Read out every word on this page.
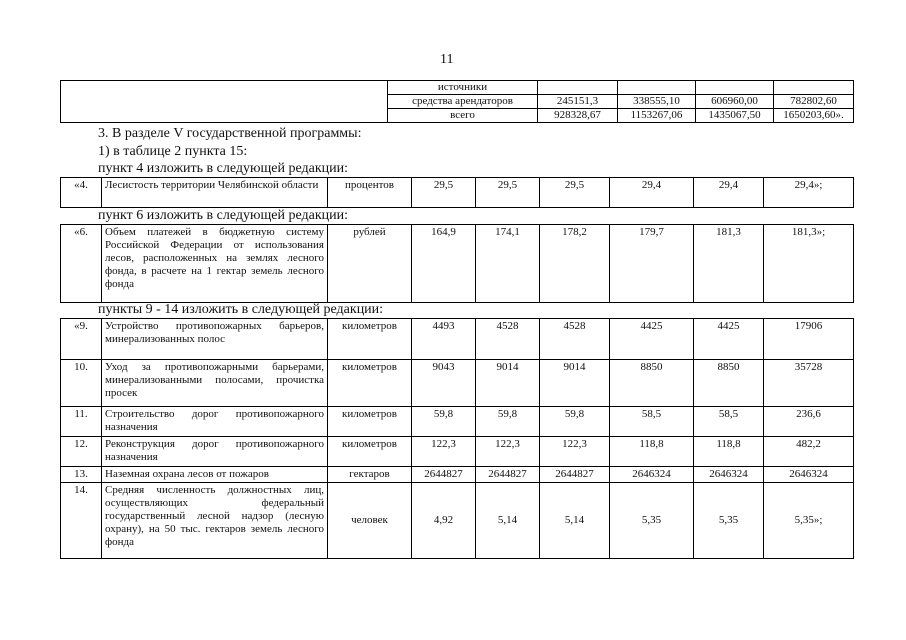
11
	источники				
	средства арендаторов	245151,3	338555,10	606960,00	782802,60
	всего	928328,67	1153267,06	1435067,50	1650203,60».
3. В разделе V государственной программы:
1) в таблице 2 пункта 15:
пункт 4 изложить в следующей редакции:
«4.	Лесистость территории Челябинской области	процентов	29,5	29,5	29,5	29,4	29,4	29,4»;
пункт 6 изложить в следующей редакции:
«6.	Объем платежей в бюджетную систему Российской Федерации от использования лесов, расположенных на землях лесного фонда, в расчете на 1 гектар земель лесного фонда	рублей	164,9	174,1	178,2	179,7	181,3	181,3»;
пункты 9 - 14 изложить в следующей редакции:
«9.	Устройство противопожарных барьеров, минерализованных полос	километров	4493	4528	4528	4425	4425	17906
10.	Уход за противопожарными барьерами, минерализованными полосами, прочистка просек	километров	9043	9014	9014	8850	8850	35728
11.	Строительство дорог противопожарного назначения	километров	59,8	59,8	59,8	58,5	58,5	236,6
12.	Реконструкция дорог противопожарного назначения	километров	122,3	122,3	122,3	118,8	118,8	482,2
13.	Наземная охрана лесов от пожаров	гектаров	2644827	2644827	2644827	2646324	2646324	2646324
14.	Средняя численность должностных лиц, осуществляющих федеральный государственный лесной надзор (лесную охрану), на 50 тыс. гектаров земель лесного фонда	человек	4,92	5,14	5,14	5,35	5,35	5,35»;
